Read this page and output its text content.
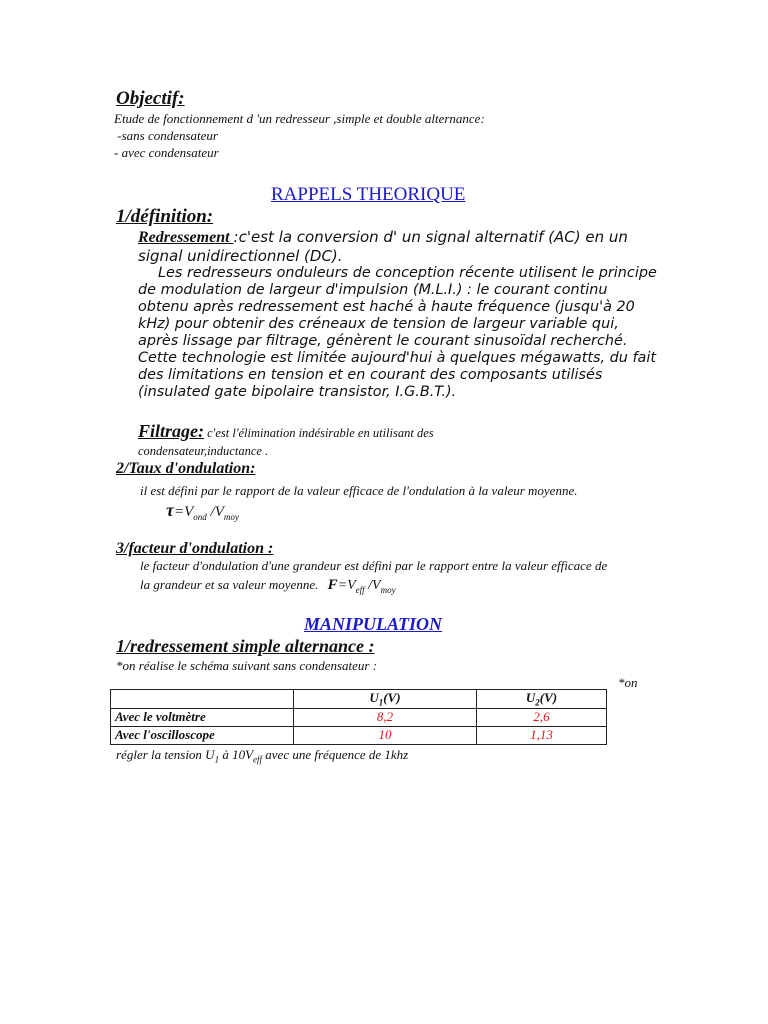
Objectif:
Etude de fonctionnement d 'un redresseur ,simple et double alternance:
-sans condensateur
- avec condensateur
RAPPELS THEORIQUE
1/définition:
Redressement :c'est la conversion d' un signal alternatif (AC) en un signal unidirectionnel (DC).
Les redresseurs onduleurs de conception récente utilisent le principe de modulation de largeur d'impulsion (M.L.I.) : le courant continu obtenu après redressement est haché à haute fréquence (jusqu'à 20 kHz) pour obtenir des créneaux de tension de largeur variable qui, après lissage par filtrage, génèrent le courant sinusoïdal recherché. Cette technologie est limitée aujourd'hui à quelques mégawatts, du fait des limitations en tension et en courant des composants utilisés (insulated gate bipolaire transistor, I.G.B.T.).
Filtrage: c'est l'élimination indésirable en utilisant des condensateur,inductance .
2/Taux d'ondulation:
il est défini par le rapport de la valeur efficace de l'ondulation à la valeur moyenne. $\tau=V_{ond}$ $/V_{moy}$
3/facteur d'ondulation :
le facteur d'ondulation d'une grandeur est défini par le rapport entre la valeur efficace de la grandeur et sa valeur moyenne. $F=V_{eff}$ $/V_{moy}$
MANIPULATION
1/redressement simple alternance :
*on réalise le schéma suivant sans condensateur :
*on
	$U_1(V)$	$U_2(V)$
Avec le voltmètre	8,2	2,6
Avec l'oscilloscope	10	1,13
régler la tension $U_1$ à $10V_{eff}$ avec une fréquence de 1khz
